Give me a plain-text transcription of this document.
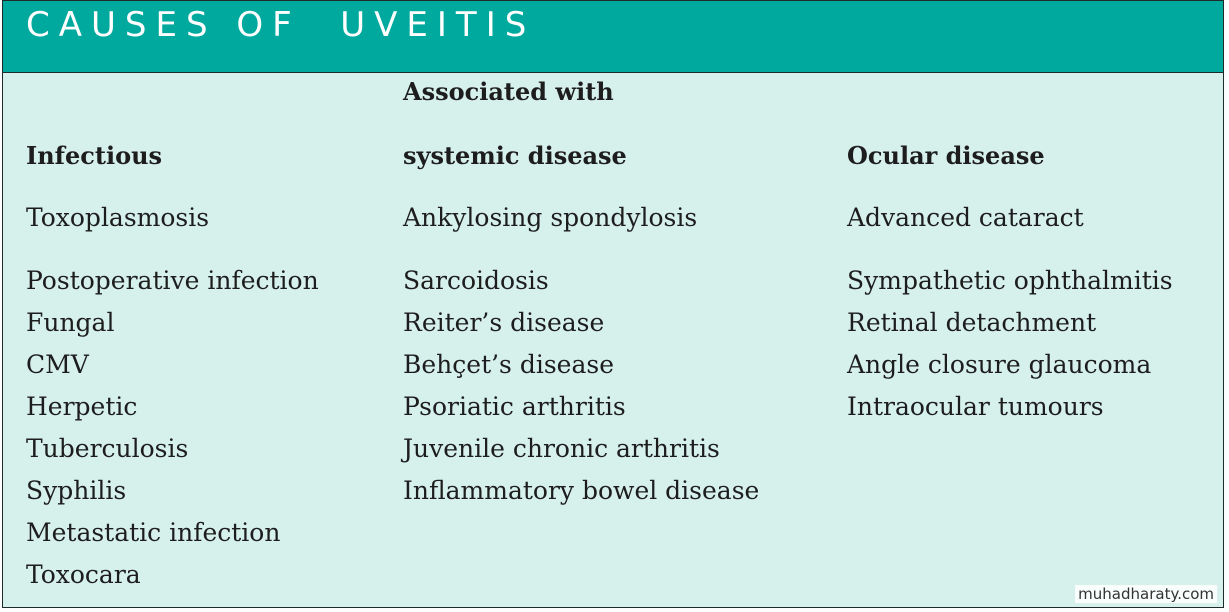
CAUSES OF  UVEITIS
Infectious
Toxoplasmosis
Postoperative infection
Fungal
CMV
Herpetic
Tuberculosis
Syphilis
Metastatic infection
Toxocara
Associated with
systemic disease
Ankylosing spondylosis
Sarcoidosis
Reiter’s disease
Behçet’s disease
Psoriatic arthritis
Juvenile chronic arthritis
Inflammatory bowel disease
Ocular disease
Advanced cataract
Sympathetic ophthalmitis
Retinal detachment
Angle closure glaucoma
Intraocular tumours
muhadharaty.com
